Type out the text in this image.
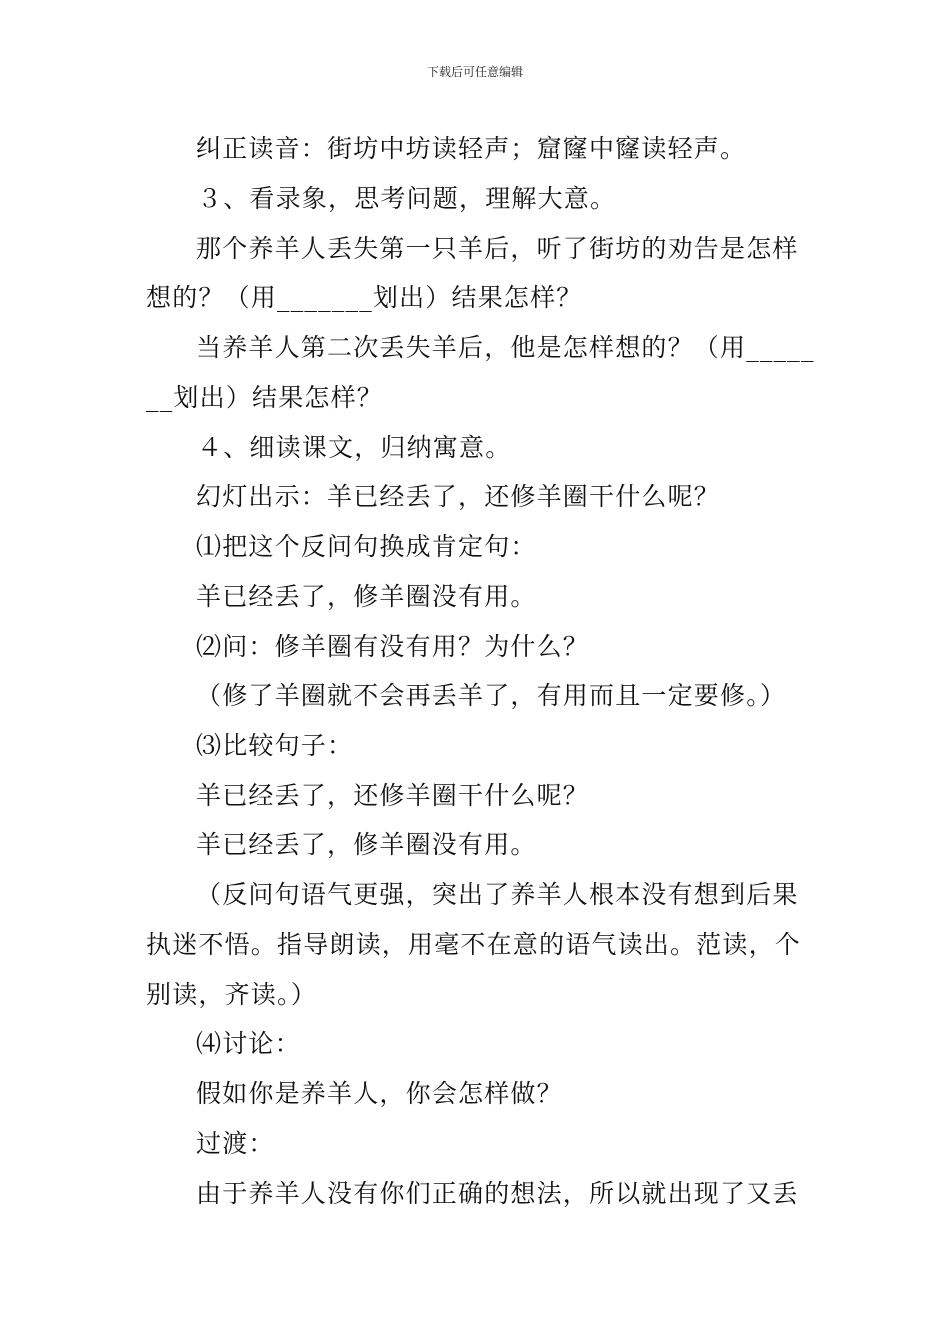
下载后可任意编辑
纠正读音：街坊中坊读轻声；窟窿中窿读轻声。
３、看录象，思考问题，理解大意。
那个养羊人丢失第一只羊后，听了街坊的劝告是怎样
想的？（用_______划出）结果怎样？
当养羊人第二次丢失羊后，他是怎样想的？（用_____
__划出）结果怎样？
４、细读课文，归纳寓意。
幻灯出示：羊已经丢了，还修羊圈干什么呢？
⑴把这个反问句换成肯定句：
羊已经丢了，修羊圈没有用。
⑵问：修羊圈有没有用？为什么？
（修了羊圈就不会再丢羊了，有用而且一定要修。）
⑶比较句子：
羊已经丢了，还修羊圈干什么呢？
羊已经丢了，修羊圈没有用。
（反问句语气更强，突出了养羊人根本没有想到后果
执迷不悟。指导朗读，用毫不在意的语气读出。范读，个
别读，齐读。）
⑷讨论：
假如你是养羊人，你会怎样做？
过渡：
由于养羊人没有你们正确的想法，所以就出现了又丢
